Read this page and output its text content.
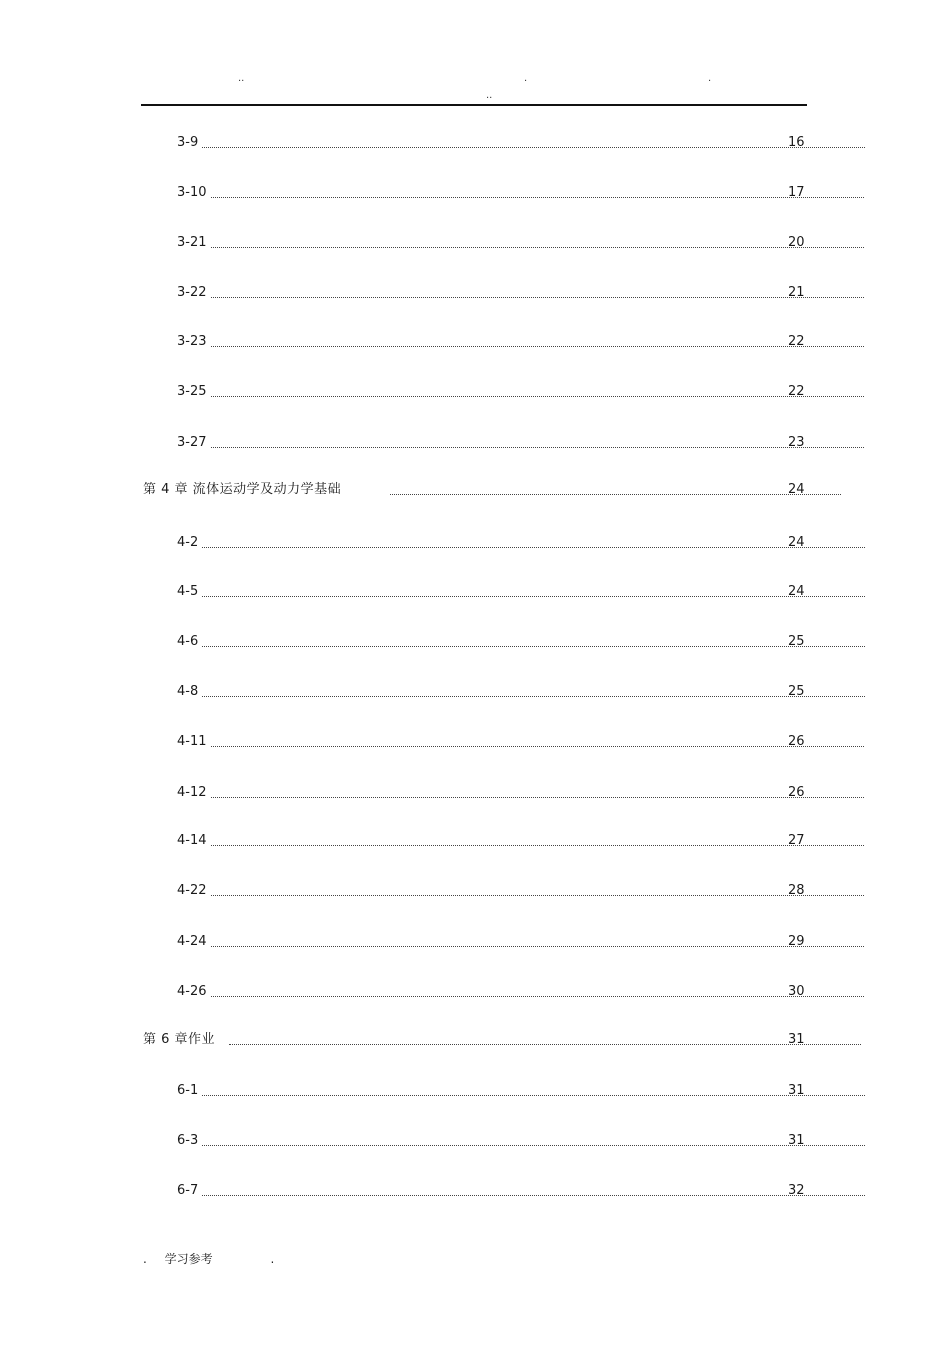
..	.	.
..
3-9	16
3-10	17
3-21	20
3-22	21
3-23	22
3-25	22
3-27	23
第 4 章 流体运动学及动力学基础	24
4-2	24
4-5	24
4-6	25
4-8	25
4-11	26
4-12	26
4-14	27
4-22	28
4-24	29
4-26	30
第 6 章作业	31
6-1	31
6-3	31
6-7	32
. 学习参考	.
